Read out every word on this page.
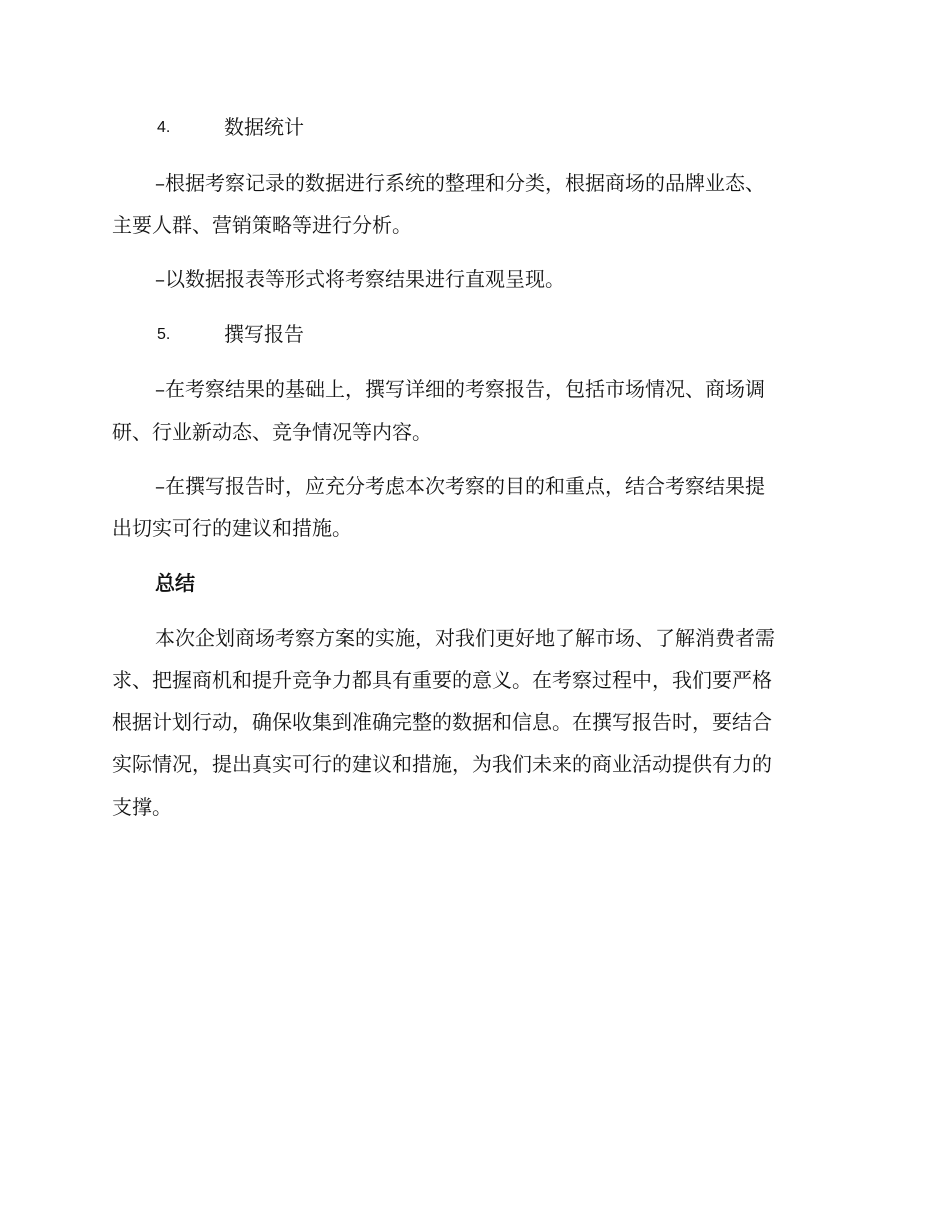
4.	数据统计
–根据考察记录的数据进行系统的整理和分类，根据商场的品牌业态、
主要人群、营销策略等进行分析。
–以数据报表等形式将考察结果进行直观呈现。
5.	撰写报告
–在考察结果的基础上，撰写详细的考察报告，包括市场情况、商场调
研、行业新动态、竞争情况等内容。
–在撰写报告时，应充分考虑本次考察的目的和重点，结合考察结果提
出切实可行的建议和措施。
总结
本次企划商场考察方案的实施，对我们更好地了解市场、了解消费者需
求、把握商机和提升竞争力都具有重要的意义。在考察过程中，我们要严格
根据计划行动，确保收集到准确完整的数据和信息。在撰写报告时，要结合
实际情况，提出真实可行的建议和措施，为我们未来的商业活动提供有力的
支撑。
